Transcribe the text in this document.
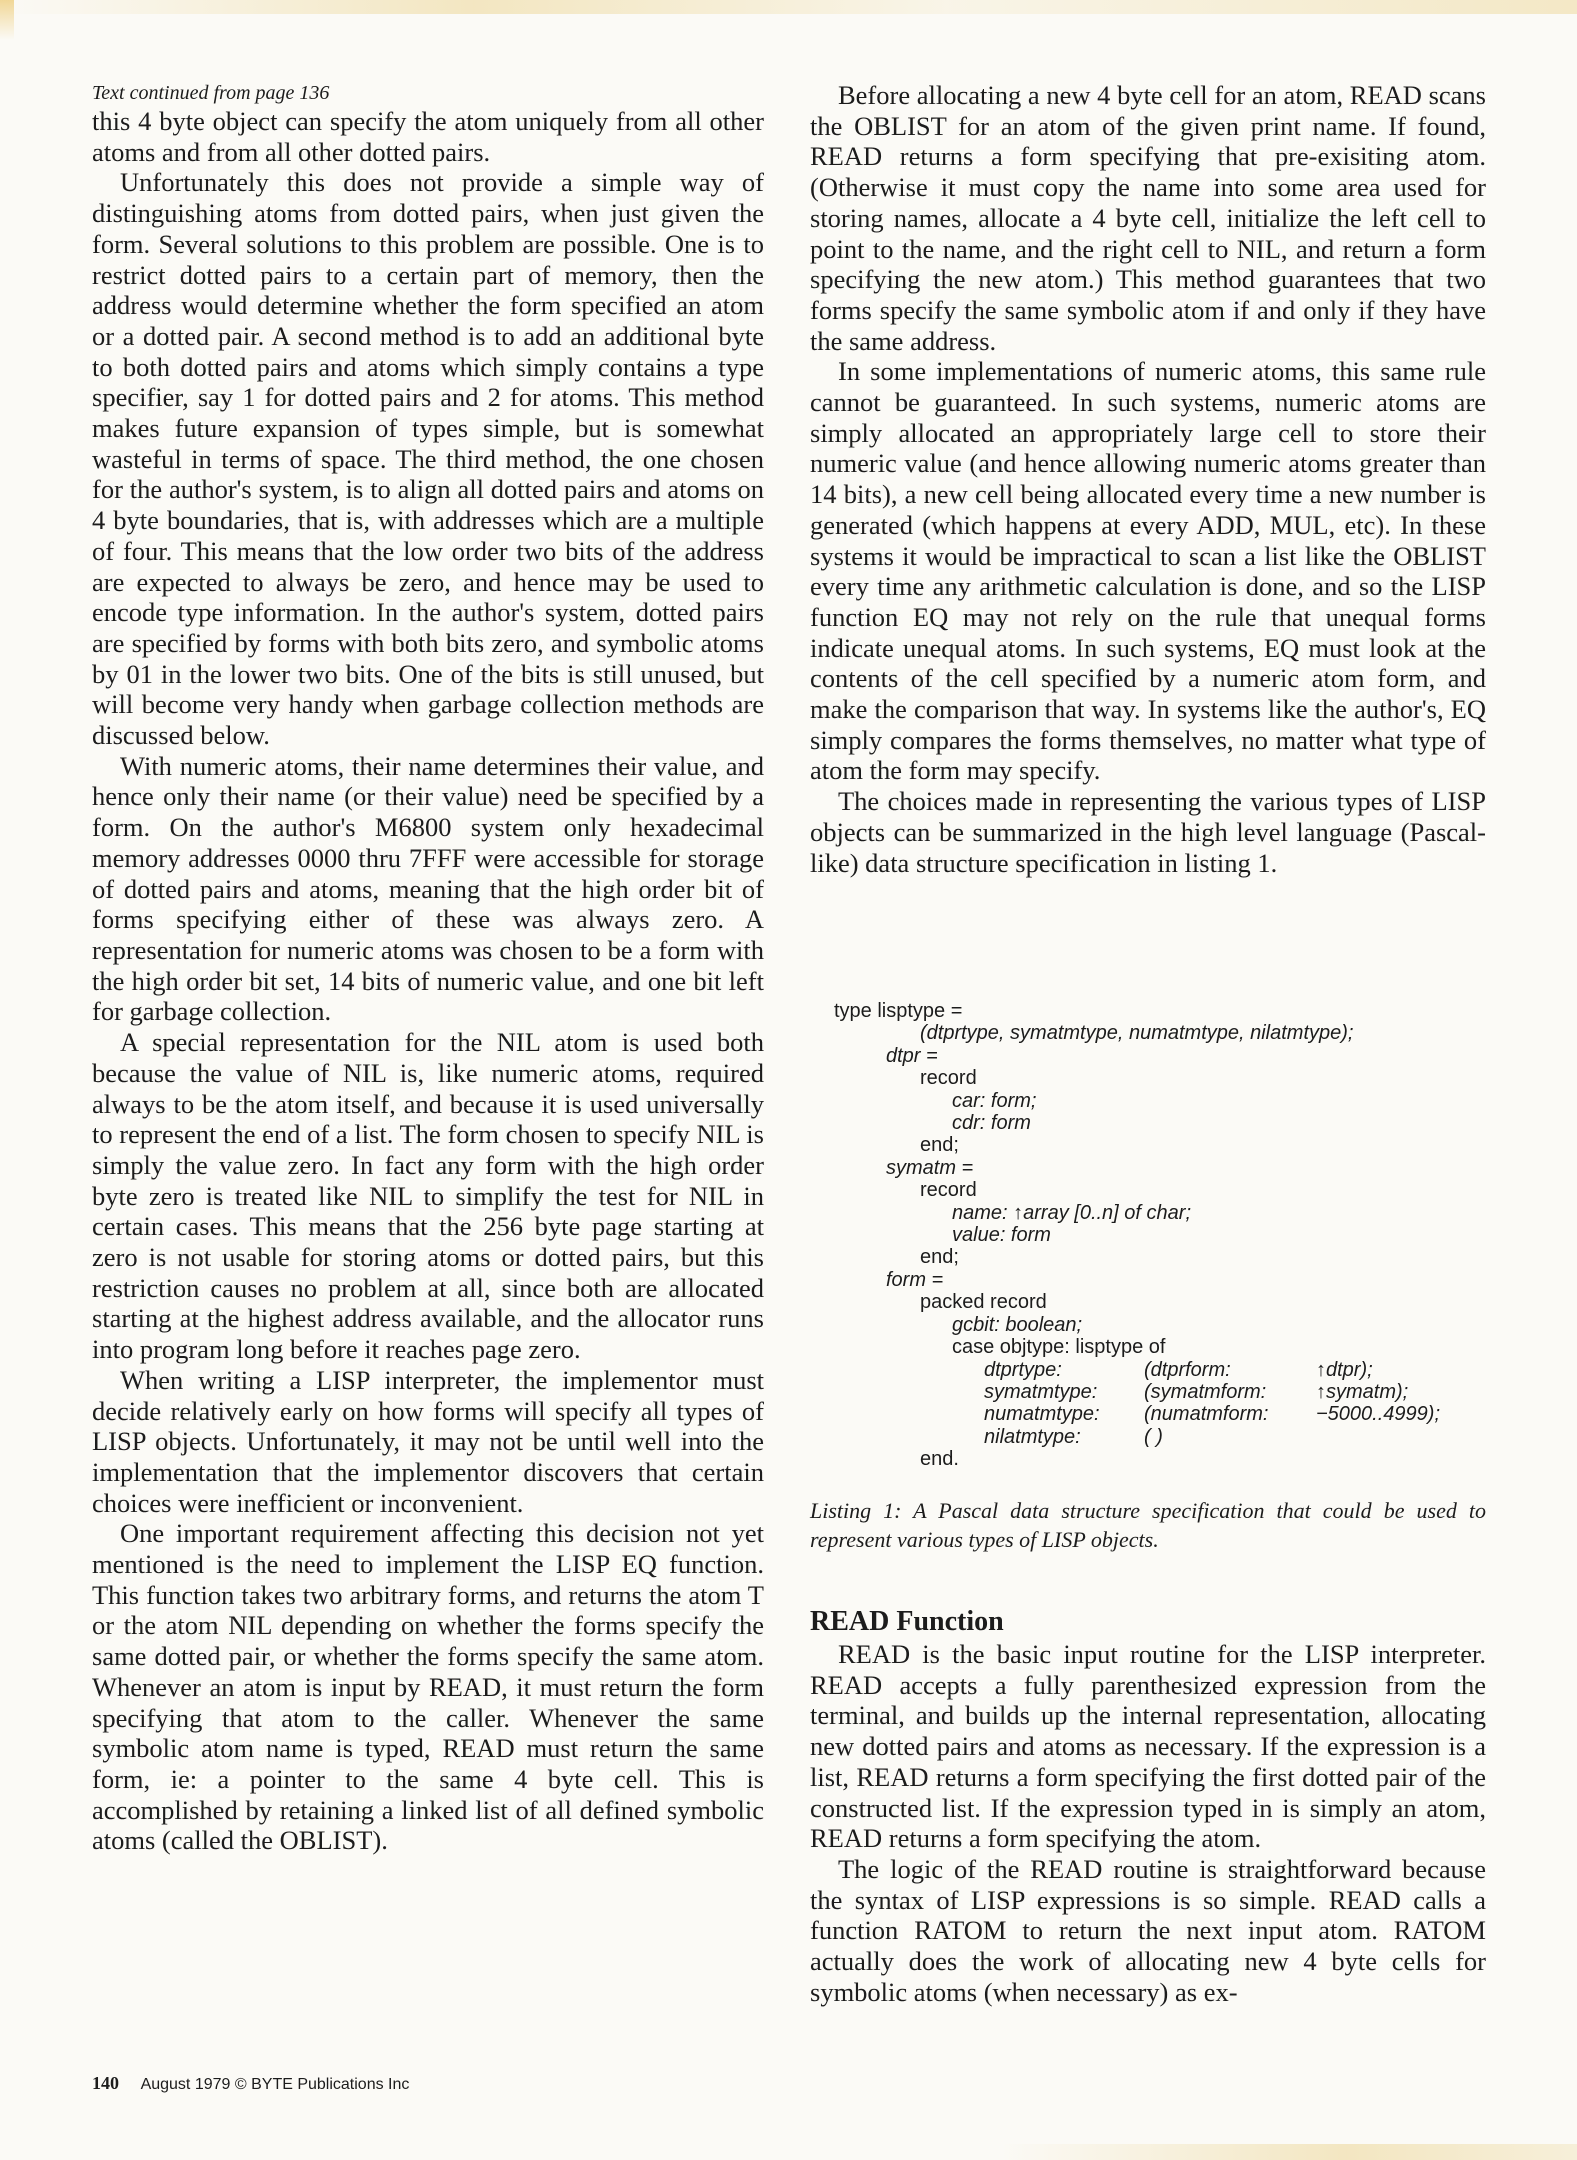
Text continued from page 136

this 4 byte object can specify the atom uniquely from all other atoms and from all other dotted pairs.

Unfortunately this does not provide a simple way of distinguishing atoms from dotted pairs, when just given the form. Several solutions to this problem are possible. One is to restrict dotted pairs to a certain part of memory, then the address would determine whether the form specified an atom or a dotted pair. A second method is to add an additional byte to both dotted pairs and atoms which simply contains a type specifier, say 1 for dotted pairs and 2 for atoms. This method makes future expansion of types simple, but is somewhat wasteful in terms of space. The third method, the one chosen for the author's system, is to align all dotted pairs and atoms on 4 byte boundaries, that is, with addresses which are a multiple of four. This means that the low order two bits of the address are expected to always be zero, and hence may be used to encode type information. In the author's system, dotted pairs are specified by forms with both bits zero, and symbolic atoms by 01 in the lower two bits. One of the bits is still unused, but will become very handy when garbage collection methods are discussed below.

With numeric atoms, their name determines their value, and hence only their name (or their value) need be specified by a form. On the author's M6800 system only hexadecimal memory addresses 0000 thru 7FFF were accessible for storage of dotted pairs and atoms, meaning that the high order bit of forms specifying either of these was always zero. A representation for numeric atoms was chosen to be a form with the high order bit set, 14 bits of numeric value, and one bit left for garbage collection.

A special representation for the NIL atom is used both because the value of NIL is, like numeric atoms, required always to be the atom itself, and because it is used universally to represent the end of a list. The form chosen to specify NIL is simply the value zero. In fact any form with the high order byte zero is treated like NIL to simplify the test for NIL in certain cases. This means that the 256 byte page starting at zero is not usable for storing atoms or dotted pairs, but this restriction causes no problem at all, since both are allocated starting at the highest address available, and the allocator runs into program long before it reaches page zero.

When writing a LISP interpreter, the implementor must decide relatively early on how forms will specify all types of LISP objects. Unfortunately, it may not be until well into the implementation that the implementor discovers that certain choices were inefficient or inconvenient.

One important requirement affecting this decision not yet mentioned is the need to implement the LISP EQ function. This function takes two arbitrary forms, and returns the atom T or the atom NIL depending on whether the forms specify the same dotted pair, or whether the forms specify the same atom. Whenever an atom is input by READ, it must return the form specifying that atom to the caller. Whenever the same symbolic atom name is typed, READ must return the same form, ie: a pointer to the same 4 byte cell. This is accomplished by retaining a linked list of all defined symbolic atoms (called the OBLIST).

Before allocating a new 4 byte cell for an atom, READ scans the OBLIST for an atom of the given print name. If found, READ returns a form specifying that pre-exisiting atom. (Otherwise it must copy the name into some area used for storing names, allocate a 4 byte cell, initialize the left cell to point to the name, and the right cell to NIL, and return a form specifying the new atom.) This method guarantees that two forms specify the same symbolic atom if and only if they have the same address.

In some implementations of numeric atoms, this same rule cannot be guaranteed. In such systems, numeric atoms are simply allocated an appropriately large cell to store their numeric value (and hence allowing numeric atoms greater than 14 bits), a new cell being allocated every time a new number is generated (which happens at every ADD, MUL, etc). In these systems it would be impractical to scan a list like the OBLIST every time any arithmetic calculation is done, and so the LISP function EQ may not rely on the rule that unequal forms indicate unequal atoms. In such systems, EQ must look at the contents of the cell specified by a numeric atom form, and make the comparison that way. In systems like the author's, EQ simply compares the forms themselves, no matter what type of atom the form may specify.

The choices made in representing the various types of LISP objects can be summarized in the high level language (Pascal-like) data structure specification in listing 1.

type lisptype =
(dtprtype, symatmtype, numatmtype, nilatmtype);
dtpr =
record
car: form;
cdr: form
end;
symatm =
record
name: ↑array [0..n] of char;
value: form
end;
form =
packed record
gcbit: boolean;
case objtype: lisptype of
dtprtype:	(dtprform:	↑dtpr);
symatmtype: (symatmform: ↑symatm);
numatmtype: (numatmform: −5000..4999);
nilatmtype:	( )
end.
Listing 1: A Pascal data structure specification that could be used to represent various types of LISP objects.
READ Function

READ is the basic input routine for the LISP interpreter. READ accepts a fully parenthesized expression from the terminal, and builds up the internal representation, allocating new dotted pairs and atoms as necessary. If the expression is a list, READ returns a form specifying the first dotted pair of the constructed list. If the expression typed in is simply an atom, READ returns a form specifying the atom.

The logic of the READ routine is straightforward because the syntax of LISP expressions is so simple. READ calls a function RATOM to return the next input atom. RATOM actually does the work of allocating new 4 byte cells for symbolic atoms (when necessary) as ex-

140 August 1979 © BYTE Publications Inc
